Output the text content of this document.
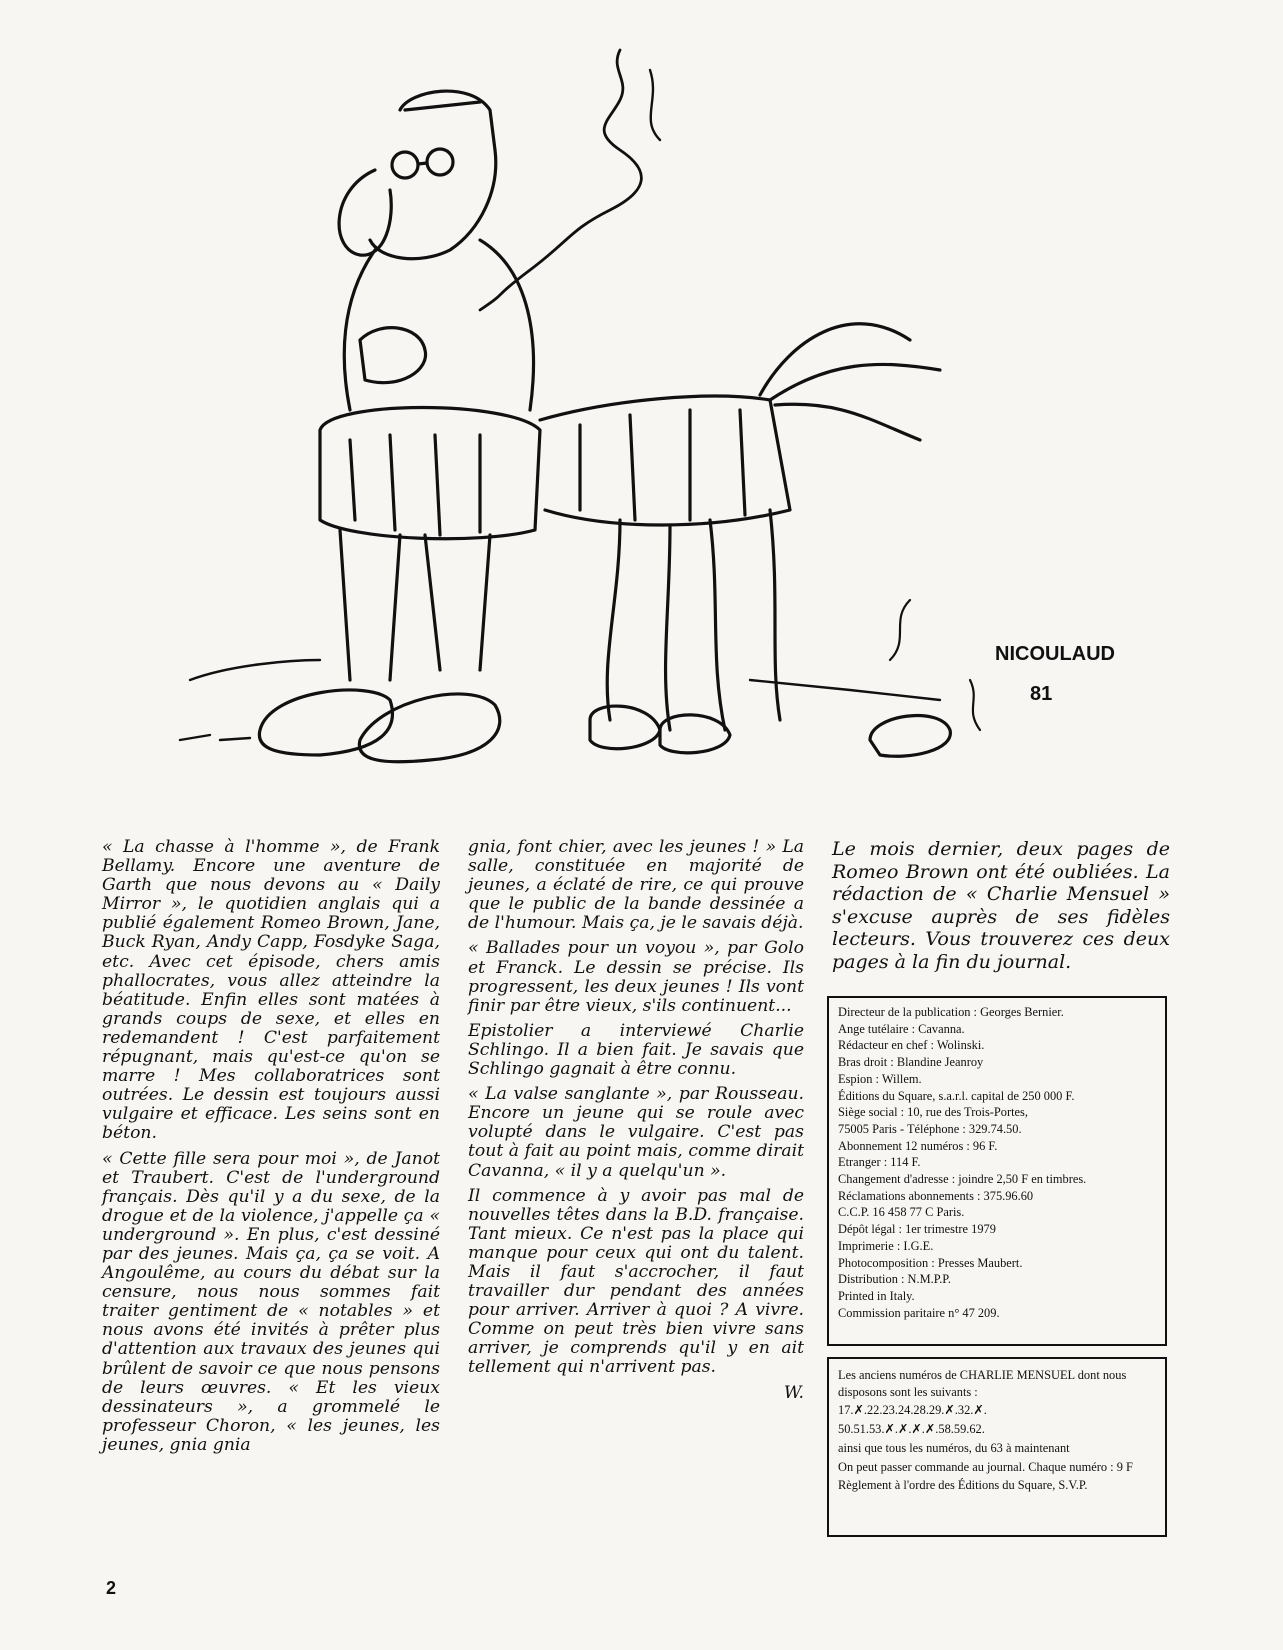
NICOULAUD
81

« La chasse à l'homme », de Frank Bellamy. Encore une aventure de Garth que nous devons au « Daily Mirror », le quotidien anglais qui a publié également Romeo Brown, Jane, Buck Ryan, Andy Capp, Fosdyke Saga, etc. Avec cet épisode, chers amis phallocrates, vous allez atteindre la béatitude. Enfin elles sont matées à grands coups de sexe, et elles en redemandent ! C'est parfaitement répugnant, mais qu'est-ce qu'on se marre ! Mes collaboratrices sont outrées. Le dessin est toujours aussi vulgaire et efficace. Les seins sont en béton.

« Cette fille sera pour moi », de Janot et Traubert. C'est de l'underground français. Dès qu'il y a du sexe, de la drogue et de la violence, j'appelle ça « underground ». En plus, c'est dessiné par des jeunes. Mais ça, ça se voit. A Angoulême, au cours du débat sur la censure, nous nous sommes fait traiter gentiment de « notables » et nous avons été invités à prêter plus d'attention aux travaux des jeunes qui brûlent de savoir ce que nous pensons de leurs œuvres. « Et les vieux dessinateurs », a grommelé le professeur Choron, « les jeunes, les jeunes, gnia gnia

gnia, font chier, avec les jeunes ! » La salle, constituée en majorité de jeunes, a éclaté de rire, ce qui prouve que le public de la bande dessinée a de l'humour. Mais ça, je le savais déjà.

« Ballades pour un voyou », par Golo et Franck. Le dessin se précise. Ils progressent, les deux jeunes ! Ils vont finir par être vieux, s'ils continuent...

Epistolier a interviewé Charlie Schlingo. Il a bien fait. Je savais que Schlingo gagnait à être connu.

« La valse sanglante », par Rousseau. Encore un jeune qui se roule avec volupté dans le vulgaire. C'est pas tout à fait au point mais, comme dirait Cavanna, « il y a quelqu'un ».

Il commence à y avoir pas mal de nouvelles têtes dans la B.D. française. Tant mieux. Ce n'est pas la place qui manque pour ceux qui ont du talent. Mais il faut s'accrocher, il faut travailler dur pendant des années pour arriver. Arriver à quoi ? A vivre. Comme on peut très bien vivre sans arriver, je comprends qu'il y en ait tellement qui n'arrivent pas.

W.

Le mois dernier, deux pages de Romeo Brown ont été oubliées. La rédaction de « Charlie Mensuel » s'excuse auprès de ses fidèles lecteurs. Vous trouverez ces deux pages à la fin du journal.

Directeur de la publication : Georges Bernier.
Ange tutélaire : Cavanna.
Rédacteur en chef : Wolinski.
Bras droit : Blandine Jeanroy
Espion : Willem.
Éditions du Square, s.a.r.l. capital de 250 000 F.
Siège social : 10, rue des Trois-Portes,
75005 Paris - Téléphone : 329.74.50.
Abonnement 12 numéros : 96 F.
Etranger : 114 F.
Changement d'adresse : joindre 2,50 F en timbres.
Réclamations abonnements : 375.96.60
C.C.P. 16 458 77 C Paris.
Dépôt légal : 1er trimestre 1979
Imprimerie : I.G.E.
Photocomposition : Presses Maubert.
Distribution : N.M.P.P.
Printed in Italy.
Commission paritaire n° 47 209.
Les anciens numéros de CHARLIE MENSUEL dont nous disposons sont les suivants :
17.✗.22.23.24.28.29.✗.32.✗.
50.51.53.✗.✗.✗.✗.58.59.62.
ainsi que tous les numéros, du 63 à maintenant
On peut passer commande au journal. Chaque numéro : 9 F
Règlement à l'ordre des Éditions du Square, S.V.P.
2
